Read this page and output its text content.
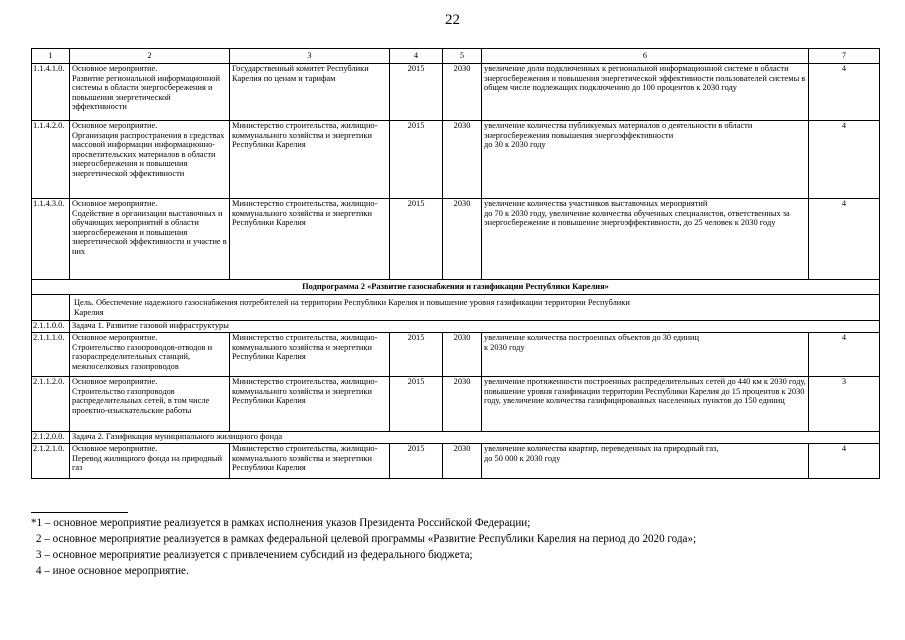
22
1	2	3	4	5	6	7
1.1.4.1.0.	Основное мероприятие.
Развитие региональной информационной системы в области энергосбережения и повышения энергетической эффективности	Государственный комитет Республики Карелия по ценам и тарифам	2015	2030	увеличение доли подключенных к региональной информационной системе в области энергосбережения и повышения энергетической эффективности пользователей системы в общем числе подлежащих подключению до 100 процентов к 2030 году	4
1.1.4.2.0.	Основное мероприятие.
Организация распространения в средствах массовой информации информационно-просветительских материалов в области энергосбережения и повышения энергетической эффективности	Министерство строительства, жилищно-коммунального хозяйства и энергетики Республики Карелия	2015	2030	увеличение количества публикуемых материалов о деятельности в области энергосбережения повышения энергоэффективности
до 30 к 2030 году	4
1.1.4.3.0.	Основное мероприятие.
Содействие в организации выставочных и обучающих мероприятий в области энергосбережения и повышения энергетической эффективности и участие в них	Министерство строительства, жилищно-коммунального хозяйства и энергетики Республики Карелия	2015	2030	увеличение количества участников выставочных мероприятий
до 70 к 2030 году, увеличение количества обученных специалистов, ответственных за энергосбережение и повышение энергоэффективности, до 25 человек к 2030 году	4
Подпрограмма 2 «Развитие газоснабжения и газификации Республики Карелия»						
	Цель. Обеспечение надежного газоснабжения потребителей на территории Республики Карелия и повышение уровня газификации территории Республики
Карелия					
2.1.1.0.0.	Задача 1. Развитие газовой инфраструктуры					
2.1.1.1.0.	Основное мероприятие.
Строительство газопроводов-отводов и газораспределительных станций, межпоселковых газопроводов	Министерство строительства, жилищно-коммунального хозяйства и энергетики Республики Карелия	2015	2030	увеличение количества построенных объектов до 30 единиц
к 2030 году	4
2.1.1.2.0.	Основное мероприятие.
Строительство газопроводов распределительных сетей, в том числе проектно-изыскательские работы	Министерство строительства, жилищно-коммунального хозяйства и энергетики Республики Карелия	2015	2030	увеличение протяженности построенных распределительных сетей до 440 км к 2030 году, повышение уровня газификации территории Республики Карелия до 15 процентов к 2030 году, увеличение количества газифицированных населенных пунктов до 150 единиц	3
2.1.2.0.0.	Задача 2. Газификация муниципального жилищного фонда					
2.1.2.1.0.	Основное мероприятие.
Перевод жилищного фонда на природный газ	Министерство строительства, жилищно-коммунального хозяйства и энергетики Республики Карелия	2015	2030	увеличение количества квартир, переведенных на природный газ,
до 50 000 к 2030 году	4
*1 – основное мероприятие реализуется в рамках исполнения указов Президента Российской Федерации;
2 – основное мероприятие реализуется в рамках федеральной целевой программы «Развитие Республики Карелия на период до 2020 года»;
3 – основное мероприятие реализуется с привлечением субсидий из федерального бюджета;
4 – иное основное мероприятие.
